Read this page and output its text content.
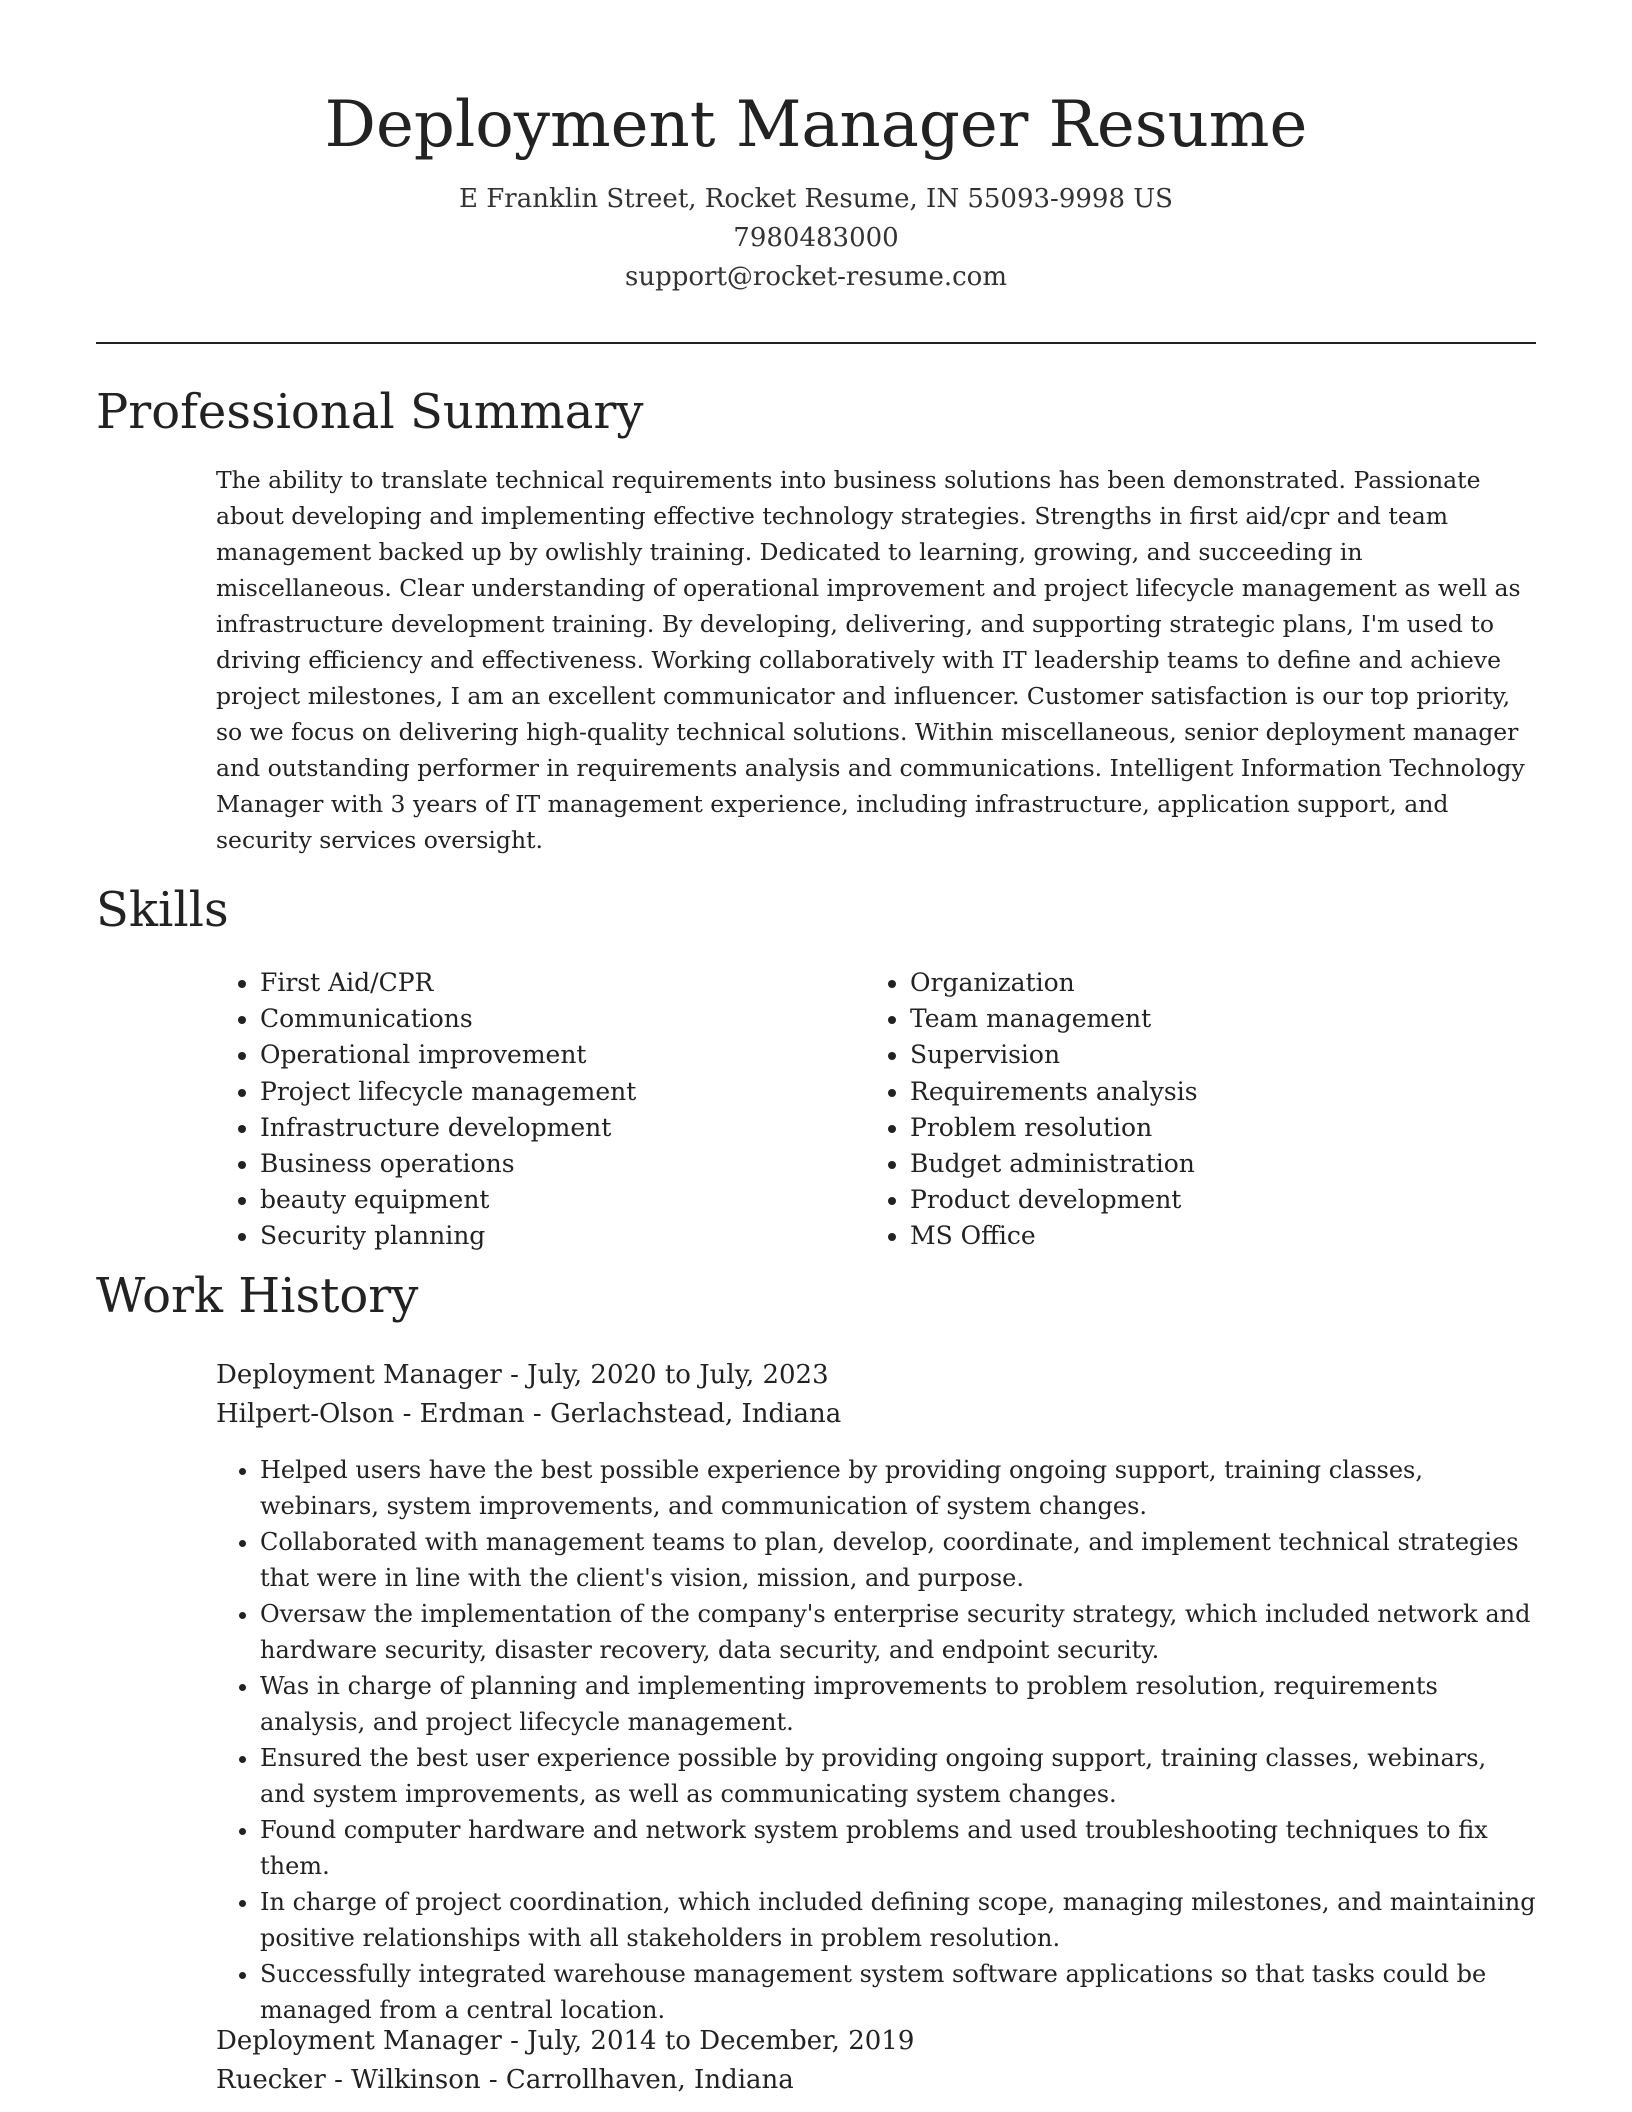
Deployment Manager Resume
E Franklin Street, Rocket Resume, IN 55093-9998 US
7980483000
support@rocket-resume.com
Professional Summary

The ability to translate technical requirements into business solutions has been demonstrated. Passionate about developing and implementing effective technology strategies. Strengths in first aid/cpr and team management backed up by owlishly training. Dedicated to learning, growing, and succeeding in miscellaneous. Clear understanding of operational improvement and project lifecycle management as well as infrastructure development training. By developing, delivering, and supporting strategic plans, I'm used to driving efficiency and effectiveness. Working collaboratively with IT leadership teams to define and achieve project milestones, I am an excellent communicator and influencer. Customer satisfaction is our top priority, so we focus on delivering high-quality technical solutions. Within miscellaneous, senior deployment manager and outstanding performer in requirements analysis and communications. Intelligent Information Technology Manager with 3 years of IT management experience, including infrastructure, application support, and security services oversight.

Skills
• First Aid/CPR
• Communications
• Operational improvement
• Project lifecycle management
• Infrastructure development
• Business operations
• beauty equipment
• Security planning
• Organization
• Team management
• Supervision
• Requirements analysis
• Problem resolution
• Budget administration
• Product development
• MS Office
Work History
Deployment Manager - July, 2020 to July, 2023
Hilpert-Olson - Erdman - Gerlachstead, Indiana
• Helped users have the best possible experience by providing ongoing support, training classes, webinars, system improvements, and communication of system changes.
• Collaborated with management teams to plan, develop, coordinate, and implement technical strategies that were in line with the client's vision, mission, and purpose.
• Oversaw the implementation of the company's enterprise security strategy, which included network and hardware security, disaster recovery, data security, and endpoint security.
• Was in charge of planning and implementing improvements to problem resolution, requirements analysis, and project lifecycle management.
• Ensured the best user experience possible by providing ongoing support, training classes, webinars, and system improvements, as well as communicating system changes.
• Found computer hardware and network system problems and used troubleshooting techniques to fix them.
• In charge of project coordination, which included defining scope, managing milestones, and maintaining positive relationships with all stakeholders in problem resolution.
• Successfully integrated warehouse management system software applications so that tasks could be managed from a central location.
Deployment Manager - July, 2014 to December, 2019
Ruecker - Wilkinson - Carrollhaven, Indiana
